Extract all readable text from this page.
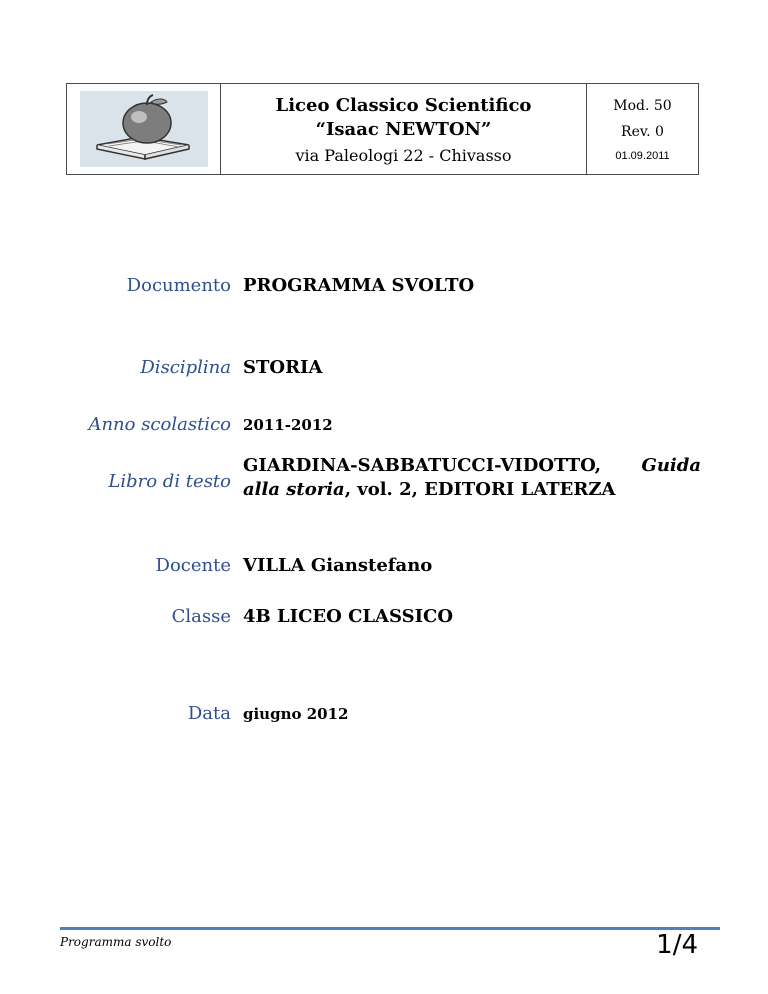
Liceo Classico Scientifico
“Isaac NEWTON”
via Paleologi 22 - Chivasso
Mod. 50
Rev. 0
01.09.2011
Documento PROGRAMMA SVOLTO
Disciplina STORIA
Anno scolastico 2011-2012
Libro di testo
GIARDINA-SABBATUCCI-VIDOTTO, Guida
alla storia, vol. 2, EDITORI LATERZA
Docente VILLA Gianstefano
Classe 4B LICEO CLASSICO
Data giugno 2012
Programma svolto	1/4
